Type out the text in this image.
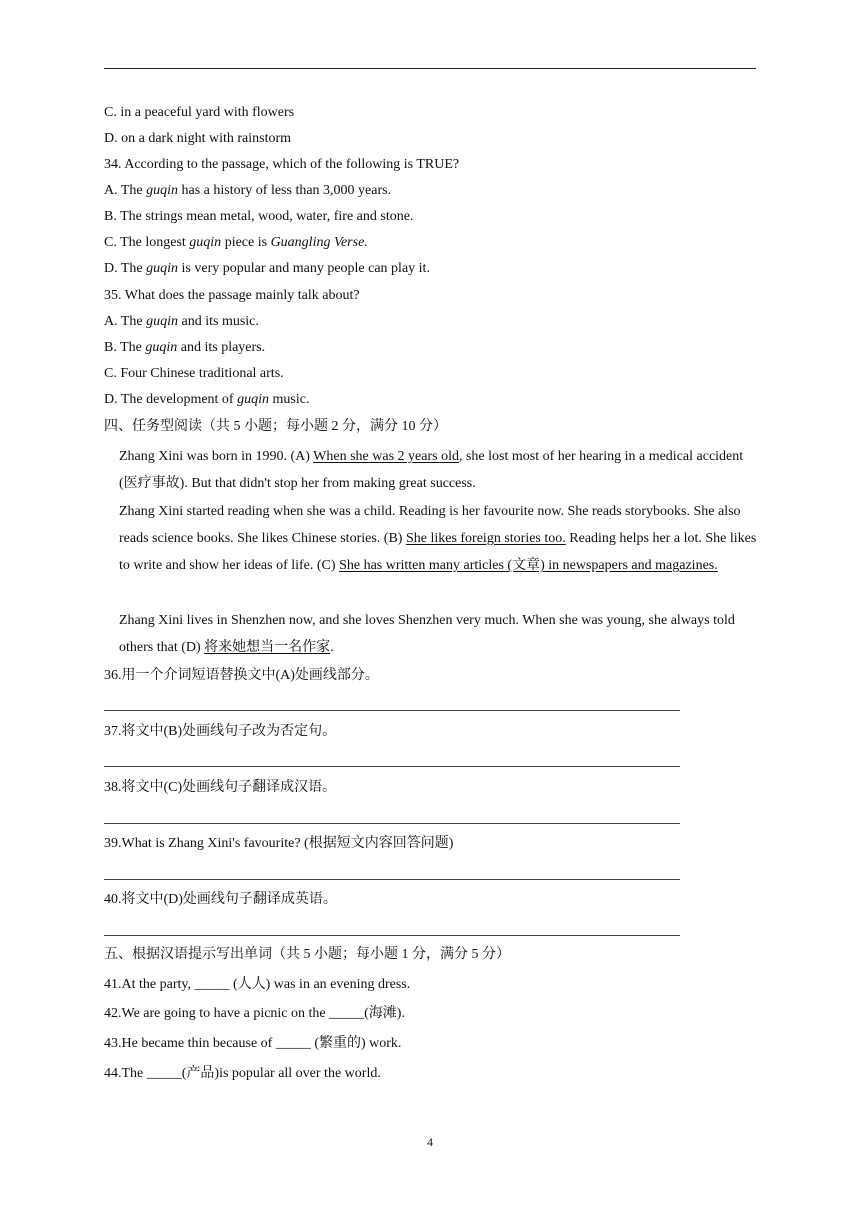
C. in a peaceful yard with flowers
D. on a dark night with rainstorm
34. According to the passage, which of the following is TRUE?
A. The guqin has a history of less than 3,000 years.
B. The strings mean metal, wood, water, fire and stone.
C. The longest guqin piece is Guangling Verse.
D. The guqin is very popular and many people can play it.
35. What does the passage mainly talk about?
A. The guqin and its music.
B. The guqin and its players.
C. Four Chinese traditional arts.
D. The development of guqin music.
四、任务型阅读（共 5 小题；每小题 2 分，满分 10 分）
Zhang Xini was born in 1990. (A) When she was 2 years old, she lost most of her hearing in a medical accident (医疗事故). But that didn't stop her from making great success.
Zhang Xini started reading when she was a child. Reading is her favourite now. She reads storybooks. She also reads science books. She likes Chinese stories. (B) She likes foreign stories too. Reading helps her a lot. She likes to write and show her ideas of life. (C) She has written many articles (文章) in newspapers and magazines.
Zhang Xini lives in Shenzhen now, and she loves Shenzhen very much. When she was young, she always told others that (D) 将来她想当一名作家.
36.用一个介词短语替换文中(A)处画线部分。
37.将文中(B)处画线句子改为否定句。
38.将文中(C)处画线句子翻译成汉语。
39.What is Zhang Xini's favourite? (根据短文内容回答问题)
40.将文中(D)处画线句子翻译成英语。
五、根据汉语提示写出单词（共 5 小题；每小题 1 分，满分 5 分）
41.At the party, _____ (人人) was in an evening dress.
42.We are going to have a picnic on the _____(海滩).
43.He became thin because of _____ (繁重的) work.
44.The _____(产品)is popular all over the world.
4
